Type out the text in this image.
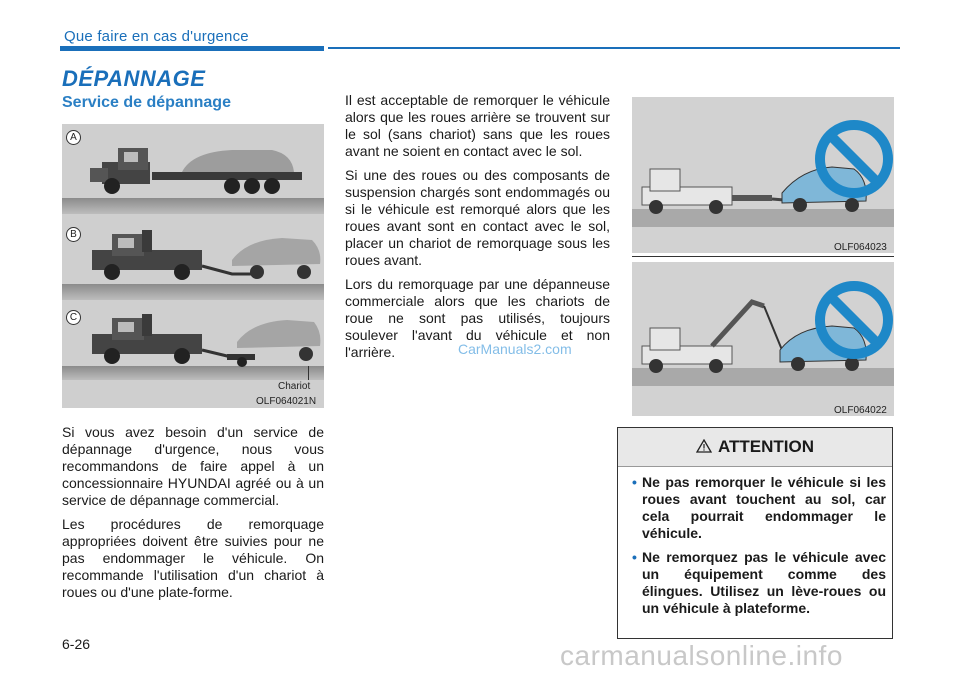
Que faire en cas d'urgence
DÉPANNAGE
Service de dépannage
A
B
C
Chariot
OLF064021N

Si vous avez besoin d'un service de dépannage d'urgence, nous vous recommandons de faire appel à un concessionnaire HYUNDAI agréé ou à un service de dépannage commercial.

Les procédures de remorquage appropriées doivent être suivies pour ne pas endommager le véhicule. On recommande l'utilisation d'un chariot à roues ou d'une plate-forme.

Il est acceptable de remorquer le véhicule alors que les roues arrière se trouvent sur le sol (sans chariot) sans que les roues avant ne soient en contact avec le sol.

Si une des roues ou des composants de suspension chargés sont endommagés ou si le véhicule est remorqué alors que les roues avant sont en contact avec le sol, placer un chariot de remorquage sous les roues avant.

Lors du remorquage par une dépanneuse commerciale alors que les chariots de roue ne sont pas utilisés, toujours soulever l'avant du véhicule et non l'arrière.	CarManuals2.com
OLF064023
OLF064022
ATTENTION
• Ne pas remorquer le véhicule si les roues avant touchent au sol, car cela pourrait endommager le véhicule.
• Ne remorquez pas le véhicule avec un équipement comme des élingues. Utilisez un lève-roues ou un véhicule à plateforme.
6-26	carmanualsonline.info
